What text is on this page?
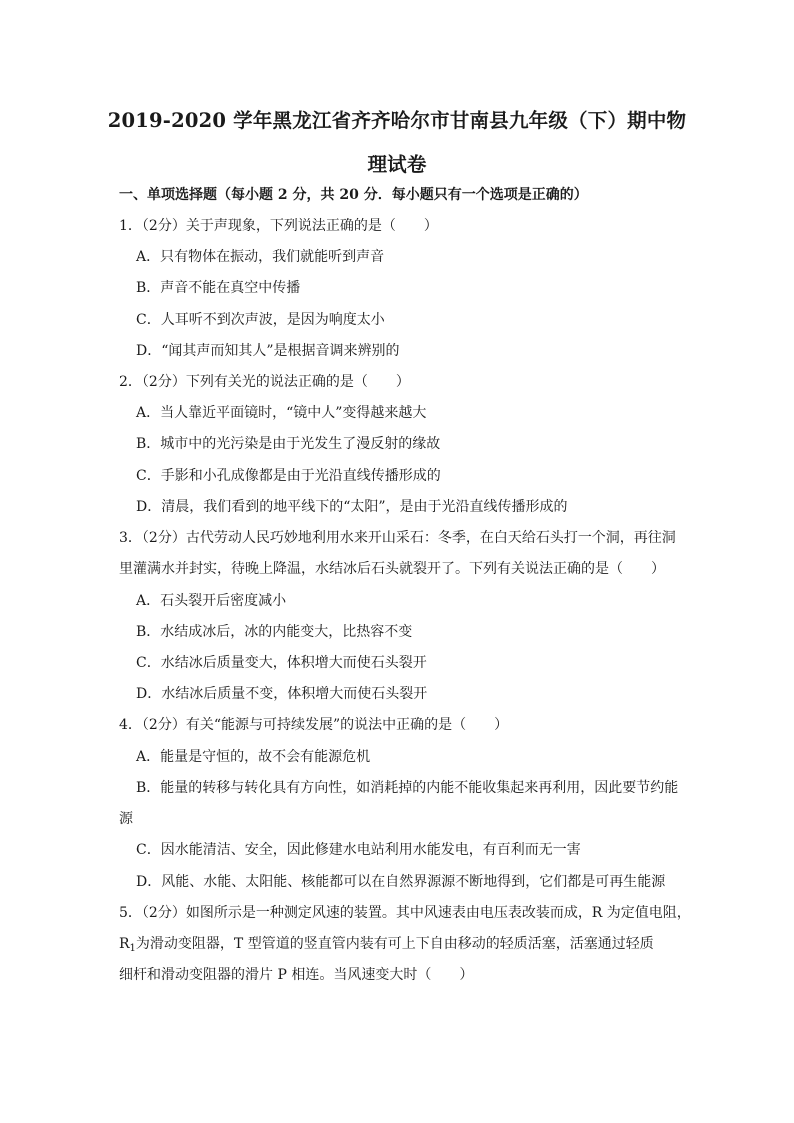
2019-2020 学年黑龙江省齐齐哈尔市甘南县九年级（下）期中物
理试卷
一、单项选择题（每小题 2 分，共 20 分．每小题只有一个选项是正确的）
1．（2分）关于声现象，下列说法正确的是（　　）
A．只有物体在振动，我们就能听到声音
B．声音不能在真空中传播
C．人耳听不到次声波，是因为响度太小
D．“闻其声而知其人”是根据音调来辨别的
2．（2分）下列有关光的说法正确的是（　　）
A．当人靠近平面镜时，“镜中人”变得越来越大
B．城市中的光污染是由于光发生了漫反射的缘故
C．手影和小孔成像都是由于光沿直线传播形成的
D．清晨，我们看到的地平线下的“太阳”，是由于光沿直线传播形成的
3．（2分）古代劳动人民巧妙地利用水来开山采石：冬季，在白天给石头打一个洞，再往洞
里灌满水并封实，待晚上降温，水结冰后石头就裂开了。下列有关说法正确的是（　　）
A．石头裂开后密度减小
B．水结成冰后，冰的内能变大，比热容不变
C．水结冰后质量变大，体积增大而使石头裂开
D．水结冰后质量不变，体积增大而使石头裂开
4．（2分）有关“能源与可持续发展”的说法中正确的是（　　）
A．能量是守恒的，故不会有能源危机
B．能量的转移与转化具有方向性，如消耗掉的内能不能收集起来再利用，因此要节约能
源
C．因水能清洁、安全，因此修建水电站利用水能发电，有百利而无一害
D．风能、水能、太阳能、核能都可以在自然界源源不断地得到，它们都是可再生能源
5．（2分）如图所示是一种测定风速的装置。其中风速表由电压表改装而成，R 为定值电阻，
$R_1$为滑动变阻器，T 型管道的竖直管内装有可上下自由移动的轻质活塞，活塞通过轻质
细杆和滑动变阻器的滑片 P 相连。当风速变大时（　　）
